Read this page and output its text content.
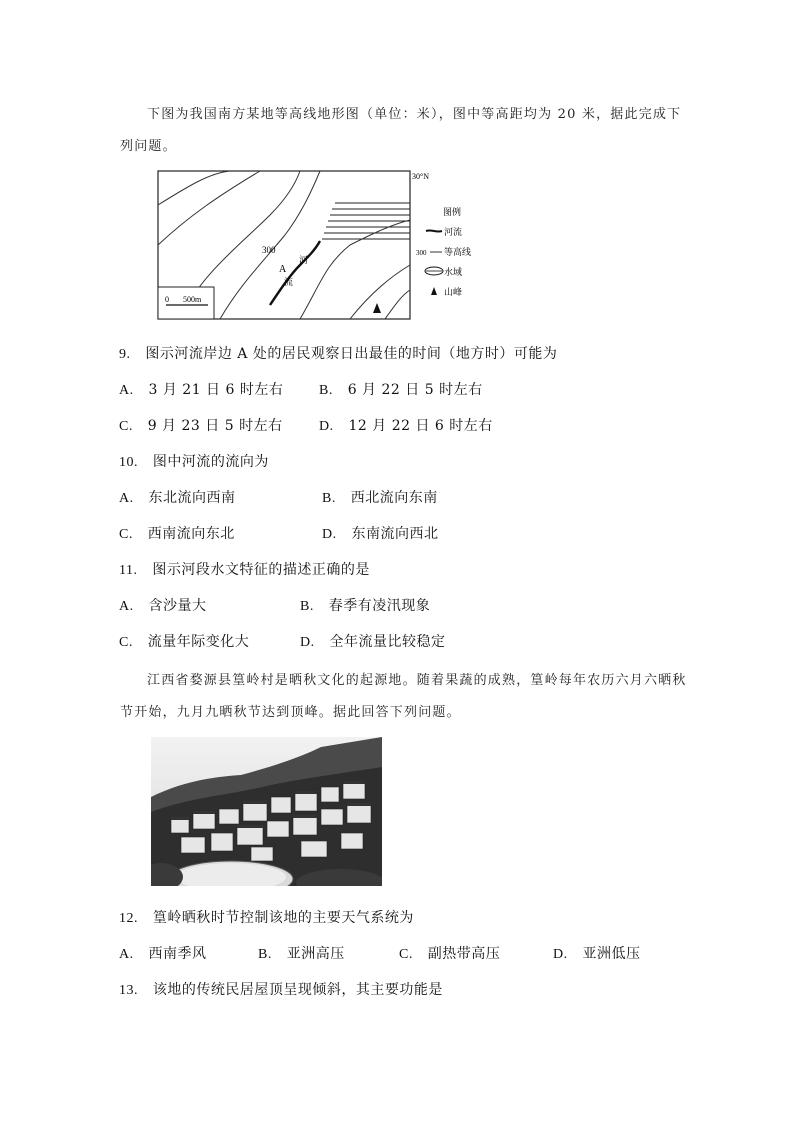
下图为我国南方某地等高线地形图（单位：米），图中等高距均为 20 米，据此完成下
列问题。
0 500m
30°N
300
A
河
流
图例
河流
300 等高线
水域
山峰
9. 图示河流岸边 A 处的居民观察日出最佳的时间（地方时）可能为
A. 3 月 21 日 6 时左右	B. 6 月 22 日 5 时左右
C. 9 月 23 日 5 时左右	D. 12 月 22 日 6 时左右
10. 图中河流的流向为
A. 东北流向西南	B. 西北流向东南
C. 西南流向东北	D. 东南流向西北
11. 图示河段水文特征的描述正确的是
A. 含沙量大	B. 春季有凌汛现象
C. 流量年际变化大	D. 全年流量比较稳定
江西省婺源县篁岭村是晒秋文化的起源地。随着果蔬的成熟，篁岭每年农历六月六晒秋
节开始，九月九晒秋节达到顶峰。据此回答下列问题。
12. 篁岭晒秋时节控制该地的主要天气系统为
A. 西南季风	B. 亚洲高压	C. 副热带高压	D. 亚洲低压
13. 该地的传统民居屋顶呈现倾斜，其主要功能是
